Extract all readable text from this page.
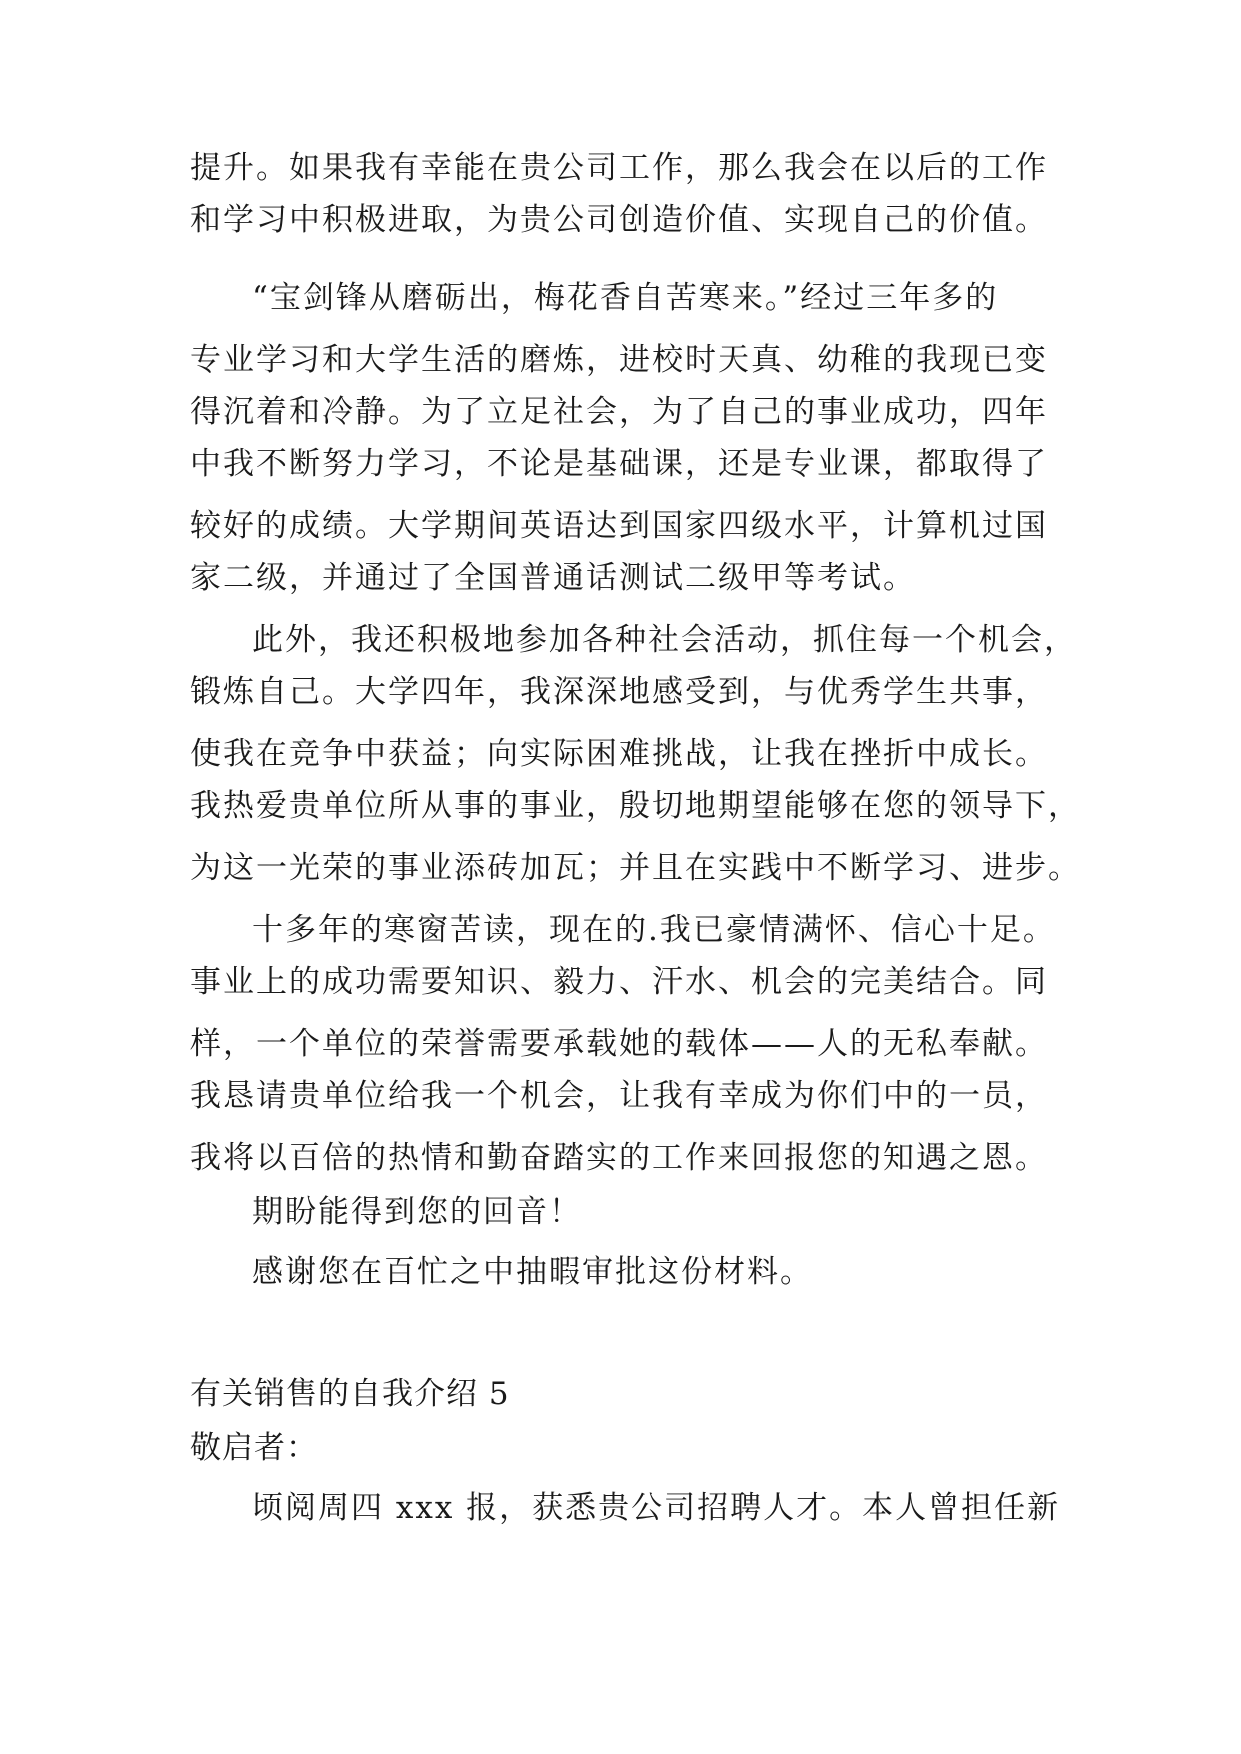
提升。如果我有幸能在贵公司工作，那么我会在以后的工作
和学习中积极进取，为贵公司创造价值、实现自己的价值。
“宝剑锋从磨砺出，梅花香自苦寒来。”经过三年多的
专业学习和大学生活的磨炼，进校时天真、幼稚的我现已变
得沉着和冷静。为了立足社会，为了自己的事业成功，四年
中我不断努力学习，不论是基础课，还是专业课，都取得了
较好的成绩。大学期间英语达到国家四级水平，计算机过国
家二级，并通过了全国普通话测试二级甲等考试。
此外，我还积极地参加各种社会活动，抓住每一个机会，
锻炼自己。大学四年，我深深地感受到，与优秀学生共事，
使我在竞争中获益；向实际困难挑战，让我在挫折中成长。
我热爱贵单位所从事的事业，殷切地期望能够在您的领导下，
为这一光荣的事业添砖加瓦；并且在实践中不断学习、进步。
十多年的寒窗苦读，现在的.我已豪情满怀、信心十足。
事业上的成功需要知识、毅力、汗水、机会的完美结合。同
样，一个单位的荣誉需要承载她的载体——人的无私奉献。
我恳请贵单位给我一个机会，让我有幸成为你们中的一员，
我将以百倍的热情和勤奋踏实的工作来回报您的知遇之恩。
期盼能得到您的回音！
感谢您在百忙之中抽暇审批这份材料。
有关销售的自我介绍 5
敬启者：
顷阅周四 xxx 报，获悉贵公司招聘人才。本人曾担任新
